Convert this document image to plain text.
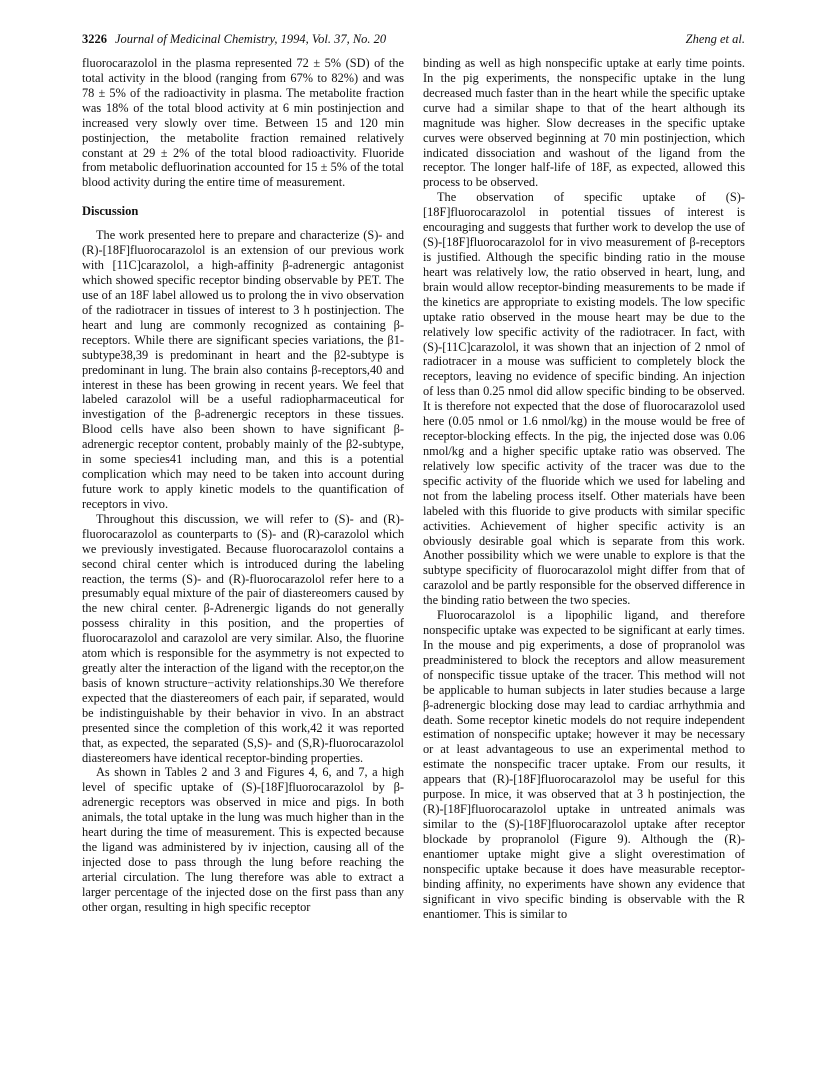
3226 Journal of Medicinal Chemistry, 1994, Vol. 37, No. 20	Zheng et al.

fluorocarazolol in the plasma represented 72 ± 5% (SD) of the total activity in the blood (ranging from 67% to 82%) and was 78 ± 5% of the radioactivity in plasma. The metabolite fraction was 18% of the total blood activity at 6 min postinjection and increased very slowly over time. Between 15 and 120 min postinjection, the metabolite fraction remained relatively constant at 29 ± 2% of the total blood radioactivity. Fluoride from metabolic defluorination accounted for 15 ± 5% of the total blood activity during the entire time of measurement.

Discussion

The work presented here to prepare and characterize (S)- and (R)-[18F]fluorocarazolol is an extension of our previous work with [11C]carazolol, a high-affinity β-adrenergic antagonist which showed specific receptor binding observable by PET. The use of an 18F label allowed us to prolong the in vivo observation of the radiotracer in tissues of interest to 3 h postinjection. The heart and lung are commonly recognized as containing β-receptors. While there are significant species variations, the β1-subtype38,39 is predominant in heart and the β2-subtype is predominant in lung. The brain also contains β-receptors,40 and interest in these has been growing in recent years. We feel that labeled carazolol will be a useful radiopharmaceutical for investigation of the β-adrenergic receptors in these tissues. Blood cells have also been shown to have significant β-adrenergic receptor content, probably mainly of the β2-subtype, in some species41 including man, and this is a potential complication which may need to be taken into account during future work to apply kinetic models to the quantification of receptors in vivo.

Throughout this discussion, we will refer to (S)- and (R)-fluorocarazolol as counterparts to (S)- and (R)-carazolol which we previously investigated. Because fluorocarazolol contains a second chiral center which is introduced during the labeling reaction, the terms (S)- and (R)-fluorocarazolol refer here to a presumably equal mixture of the pair of diastereomers caused by the new chiral center. β-Adrenergic ligands do not generally possess chirality in this position, and the properties of fluorocarazolol and carazolol are very similar. Also, the fluorine atom which is responsible for the asymmetry is not expected to greatly alter the interaction of the ligand with the receptor,on the basis of known structure−activity relationships.30 We therefore expected that the diastereomers of each pair, if separated, would be indistinguishable by their behavior in vivo. In an abstract presented since the completion of this work,42 it was reported that, as expected, the separated (S,S)- and (S,R)-fluorocarazolol diastereomers have identical receptor-binding properties.

As shown in Tables 2 and 3 and Figures 4, 6, and 7, a high level of specific uptake of (S)-[18F]fluorocarazolol by β-adrenergic receptors was observed in mice and pigs. In both animals, the total uptake in the lung was much higher than in the heart during the time of measurement. This is expected because the ligand was administered by iv injection, causing all of the injected dose to pass through the lung before reaching the arterial circulation. The lung therefore was able to extract a larger percentage of the injected dose on the first pass than any other organ, resulting in high specific receptor

binding as well as high nonspecific uptake at early time points. In the pig experiments, the nonspecific uptake in the lung decreased much faster than in the heart while the specific uptake curve had a similar shape to that of the heart although its magnitude was higher. Slow decreases in the specific uptake curves were observed beginning at 70 min postinjection, which indicated dissociation and washout of the ligand from the receptor. The longer half-life of 18F, as expected, allowed this process to be observed.

The observation of specific uptake of (S)-[18F]fluorocarazolol in potential tissues of interest is encouraging and suggests that further work to develop the use of (S)-[18F]fluorocarazolol for in vivo measurement of β-receptors is justified. Although the specific binding ratio in the mouse heart was relatively low, the ratio observed in heart, lung, and brain would allow receptor-binding measurements to be made if the kinetics are appropriate to existing models. The low specific uptake ratio observed in the mouse heart may be due to the relatively low specific activity of the radiotracer. In fact, with (S)-[11C]carazolol, it was shown that an injection of 2 nmol of radiotracer in a mouse was sufficient to completely block the receptors, leaving no evidence of specific binding. An injection of less than 0.25 nmol did allow specific binding to be observed. It is therefore not expected that the dose of fluorocarazolol used here (0.05 nmol or 1.6 nmol/kg) in the mouse would be free of receptor-blocking effects. In the pig, the injected dose was 0.06 nmol/kg and a higher specific uptake ratio was observed. The relatively low specific activity of the tracer was due to the specific activity of the fluoride which we used for labeling and not from the labeling process itself. Other materials have been labeled with this fluoride to give products with similar specific activities. Achievement of higher specific activity is an obviously desirable goal which is separate from this work. Another possibility which we were unable to explore is that the subtype specificity of fluorocarazolol might differ from that of carazolol and be partly responsible for the observed difference in the binding ratio between the two species.

Fluorocarazolol is a lipophilic ligand, and therefore nonspecific uptake was expected to be significant at early times. In the mouse and pig experiments, a dose of propranolol was preadministered to block the receptors and allow measurement of nonspecific tissue uptake of the tracer. This method will not be applicable to human subjects in later studies because a large β-adrenergic blocking dose may lead to cardiac arrhythmia and death. Some receptor kinetic models do not require independent estimation of nonspecific uptake; however it may be necessary or at least advantageous to use an experimental method to estimate the nonspecific tracer uptake. From our results, it appears that (R)-[18F]fluorocarazolol may be useful for this purpose. In mice, it was observed that at 3 h postinjection, the (R)-[18F]fluorocarazolol uptake in untreated animals was similar to the (S)-[18F]fluorocarazolol uptake after receptor blockade by propranolol (Figure 9). Although the (R)-enantiomer uptake might give a slight overestimation of nonspecific uptake because it does have measurable receptor-binding affinity, no experiments have shown any evidence that significant in vivo specific binding is observable with the R enantiomer. This is similar to
